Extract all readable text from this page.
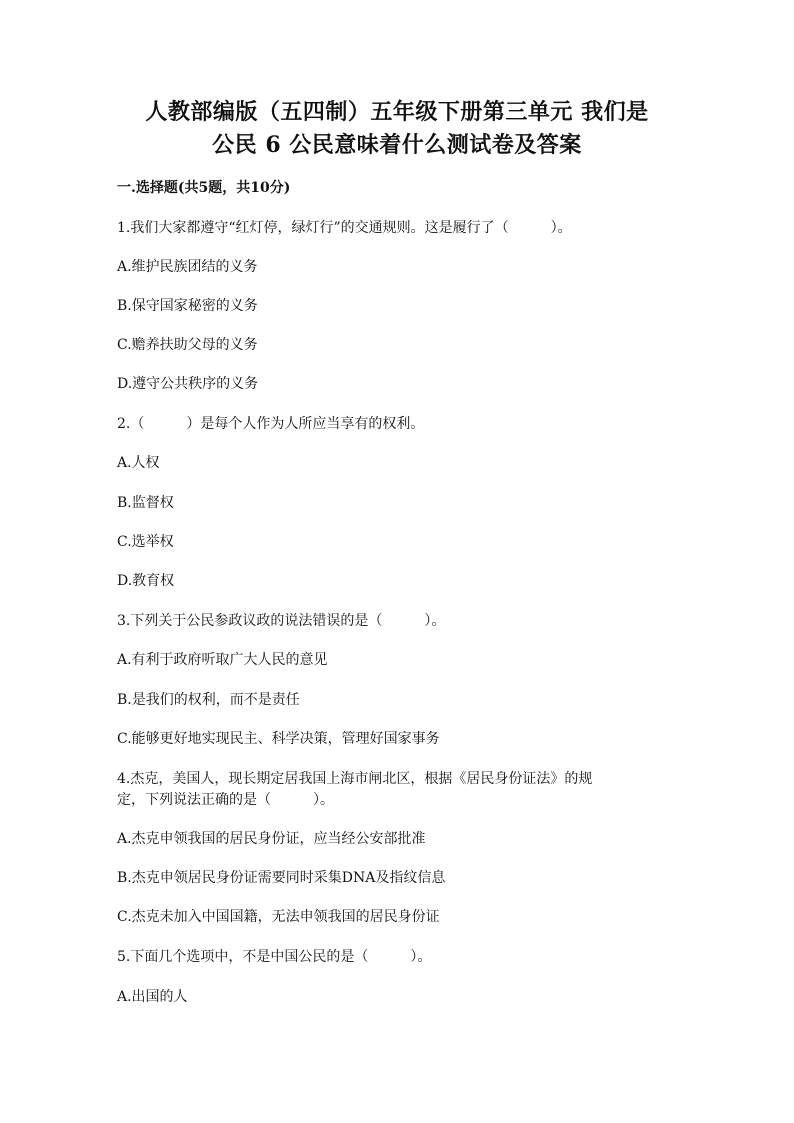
人教部编版（五四制）五年级下册第三单元 我们是
公民 6 公民意味着什么测试卷及答案
一.选择题(共5题，共10分)
1.我们大家都遵守“红灯停，绿灯行”的交通规则。这是履行了（　　　）。
A.维护民族团结的义务
B.保守国家秘密的义务
C.赡养扶助父母的义务
D.遵守公共秩序的义务
2.（　　　）是每个人作为人所应当享有的权利。
A.人权
B.监督权
C.选举权
D.教育权
3.下列关于公民参政议政的说法错误的是（　　　）。
A.有利于政府听取广大人民的意见
B.是我们的权利，而不是责任
C.能够更好地实现民主、科学决策，管理好国家事务
4.杰克，美国人，现长期定居我国上海市闸北区，根据《居民身份证法》的规
定，下列说法正确的是（　　　）。
A.杰克申领我国的居民身份证，应当经公安部批准
B.杰克申领居民身份证需要同时采集DNA及指纹信息
C.杰克未加入中国国籍，无法申领我国的居民身份证
5.下面几个选项中，不是中国公民的是（　　　）。
A.出国的人
